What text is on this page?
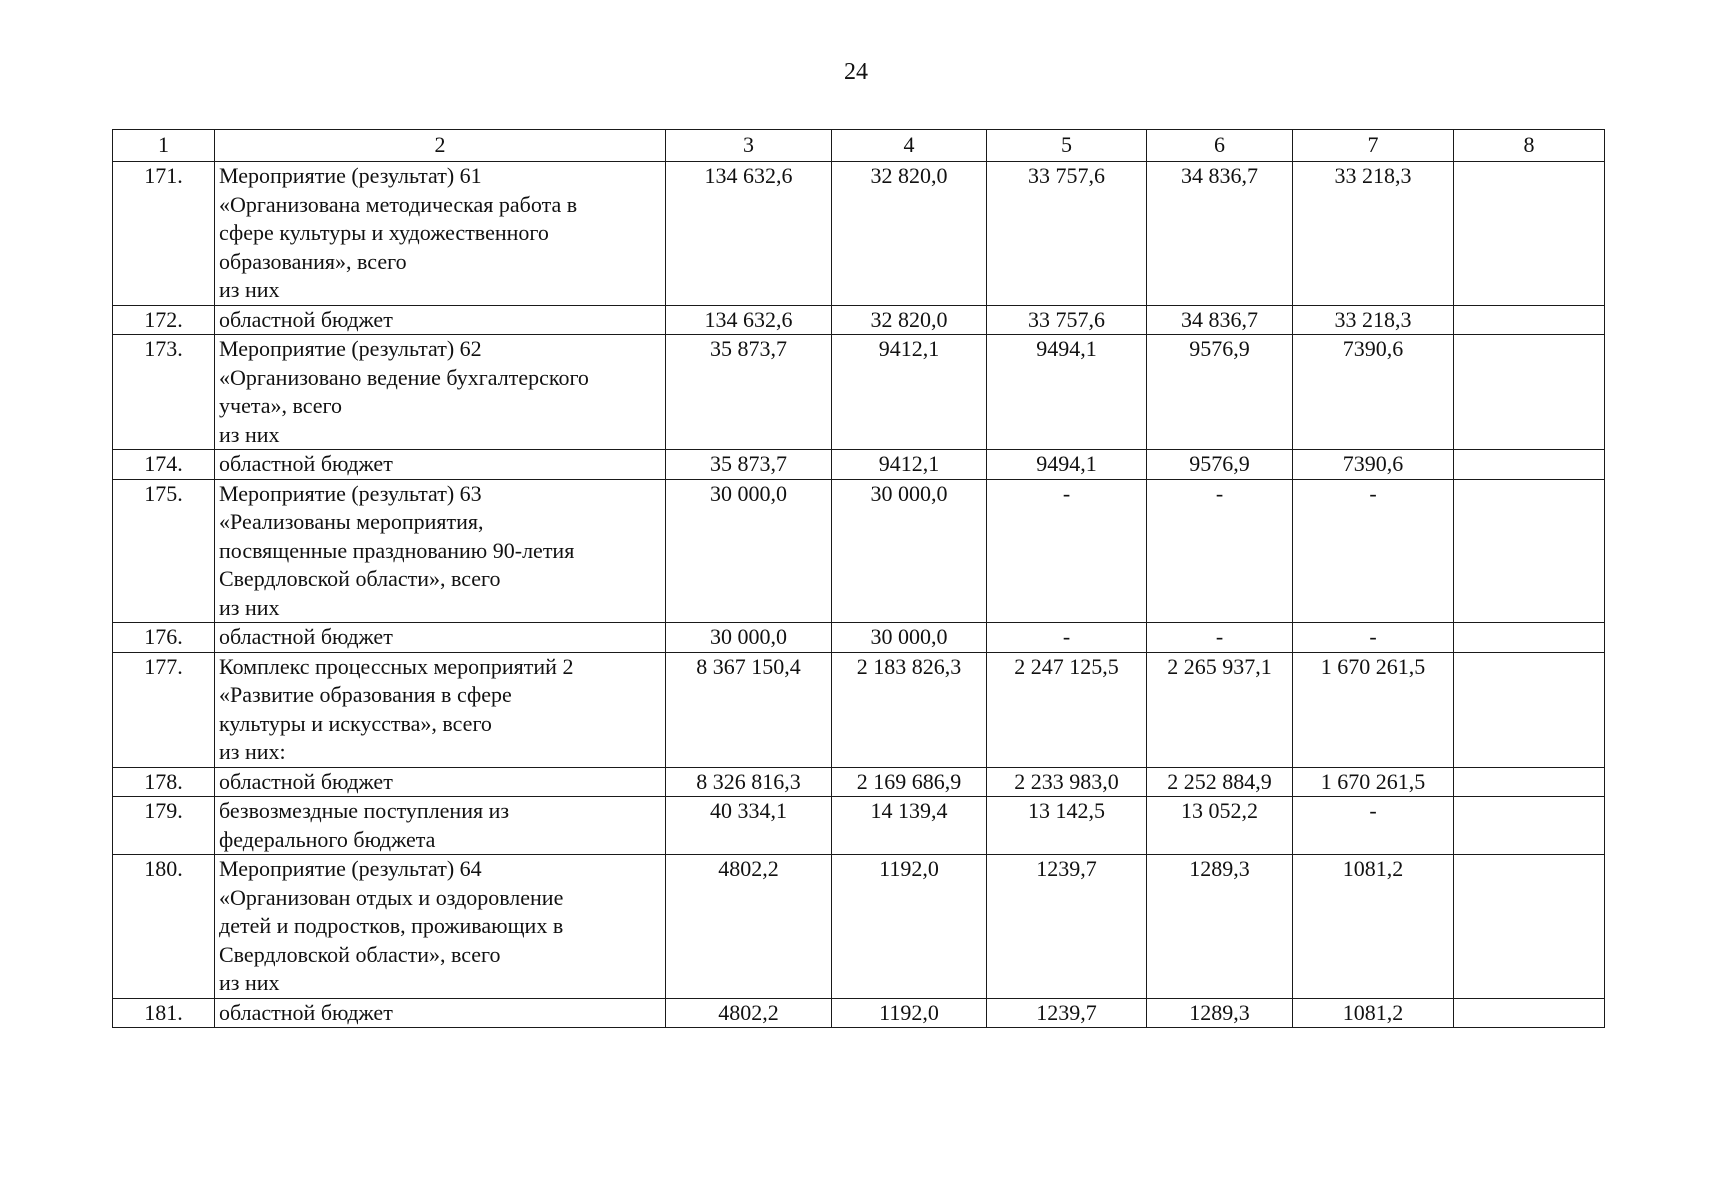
24
1	2	3	4	5	6	7	8
171.	Мероприятие (результат) 61
«Организована методическая работа в
сфере культуры и художественного
образования», всего
из них	134 632,6	32 820,0	33 757,6	34 836,7	33 218,3	
172.	областной бюджет	134 632,6	32 820,0	33 757,6	34 836,7	33 218,3	
173.	Мероприятие (результат) 62
«Организовано ведение бухгалтерского
учета», всего
из них	35 873,7	9412,1	9494,1	9576,9	7390,6	
174.	областной бюджет	35 873,7	9412,1	9494,1	9576,9	7390,6	
175.	Мероприятие (результат) 63
«Реализованы мероприятия,
посвященные празднованию 90-летия
Свердловской области», всего
из них	30 000,0	30 000,0	-	-	-	
176.	областной бюджет	30 000,0	30 000,0	-	-	-	
177.	Комплекс процессных мероприятий 2
«Развитие образования в сфере
культуры и искусства», всего
из них:	8 367 150,4	2 183 826,3	2 247 125,5	2 265 937,1	1 670 261,5	
178.	областной бюджет	8 326 816,3	2 169 686,9	2 233 983,0	2 252 884,9	1 670 261,5	
179.	безвозмездные поступления из
федерального бюджета	40 334,1	14 139,4	13 142,5	13 052,2	-	
180.	Мероприятие (результат) 64
«Организован отдых и оздоровление
детей и подростков, проживающих в
Свердловской области», всего
из них	4802,2	1192,0	1239,7	1289,3	1081,2	
181.	областной бюджет	4802,2	1192,0	1239,7	1289,3	1081,2	
